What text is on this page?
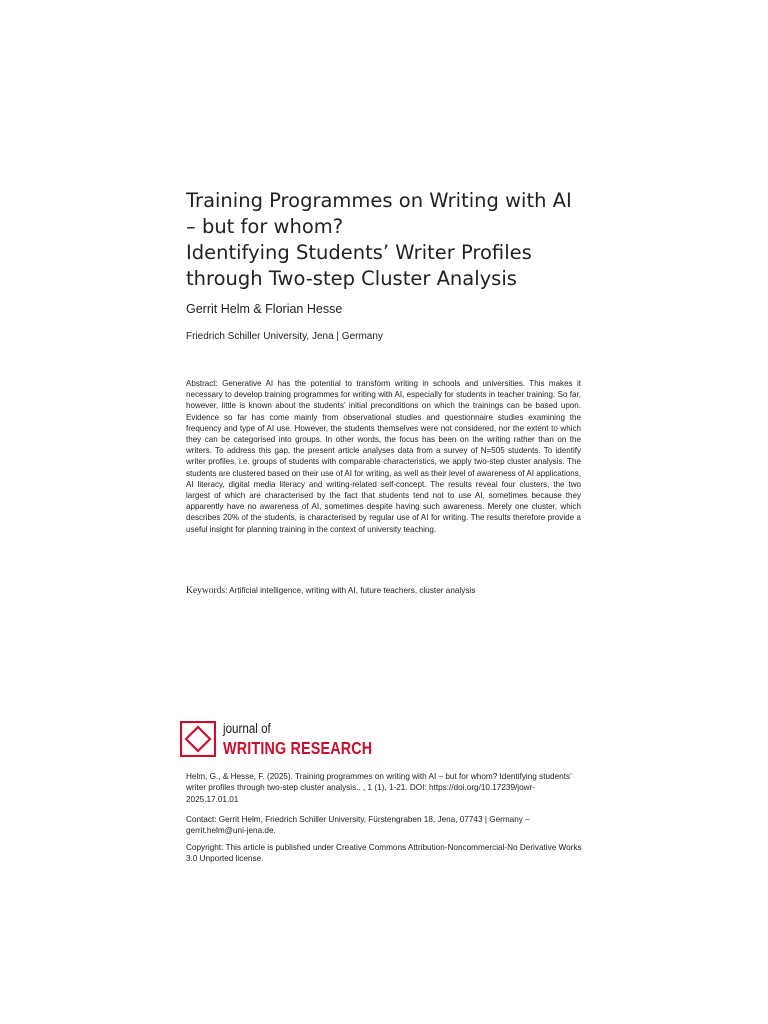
Training Programmes on Writing with AI

– but for whom?

Identifying Students’ Writer Profiles

through Two-step Cluster Analysis

Gerrit Helm & Florian Hesse

Friedrich Schiller University, Jena | Germany

Abstract: Generative AI has the potential to transform writing in schools and universities. This makes it necessary to develop training programmes for writing with AI, especially for students in teacher training. So far, however, little is known about the students’ initial preconditions on which the trainings can be based upon. Evidence so far has come mainly from observational studies and questionnaire studies examining the frequency and type of AI use. However, the students themselves were not considered, nor the extent to which they can be categorised into groups. In other words, the focus has been on the writing rather than on the writers. To address this gap, the present article analyses data from a survey of N=505 students. To identify writer profiles, i.e. groups of students with comparable characteristics, we apply two-step cluster analysis. The students are clustered based on their use of AI for writing, as well as their level of awareness of AI applications, AI literacy, digital media literacy and writing-related self-concept. The results reveal four clusters, the two largest of which are characterised by the fact that students tend not to use AI, sometimes because they apparently have no awareness of AI, sometimes despite having such awareness. Merely one cluster, which describes 20% of the students, is characterised by regular use of AI for writing. The results therefore provide a useful insight for planning training in the context of university teaching.

Keywords: Artificial intelligence, writing with AI, future teachers, cluster analysis

journal of
WRITING RESEARCH

Helm, G., & Hesse, F. (2025). Training programmes on writing with AI – but for whom? Identifying students’ writer profiles through two-step cluster analysis.. , 1 (1), 1-21. DOI: https://doi.org/10.17239/jowr-2025.17.01.01

Contact: Gerrit Helm, Friedrich Schiller University, Fürstengraben 18, Jena, 07743 | Germany – gerrit.helm@uni-jena.de.

Copyright: This article is published under Creative Commons Attribution-Noncommercial-No Derivative Works 3.0 Unported license.
